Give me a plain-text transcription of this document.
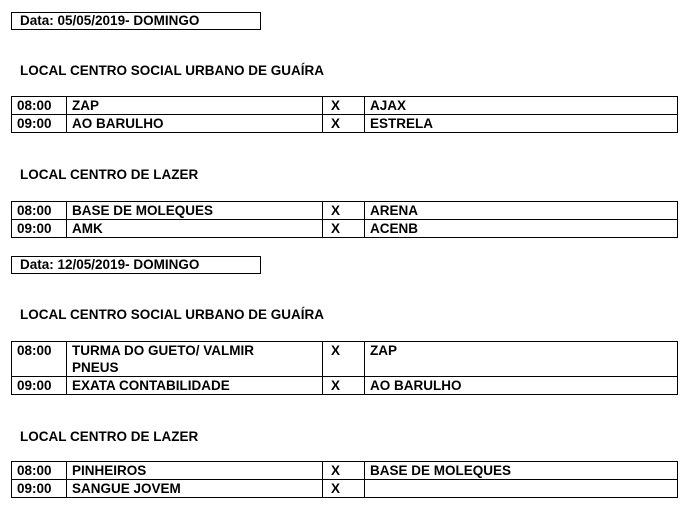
Data: 05/05/2019- DOMINGO
LOCAL CENTRO SOCIAL URBANO DE GUAÍRA
08:00	ZAP	X	AJAX
09:00	AO BARULHO	X	ESTRELA
LOCAL CENTRO DE LAZER
08:00	BASE DE MOLEQUES	X	ARENA
09:00	AMK	X	ACENB
Data: 12/05/2019- DOMINGO
LOCAL CENTRO SOCIAL URBANO DE GUAÍRA
08:00	TURMA DO GUETO/ VALMIR PNEUS	X	ZAP
09:00	EXATA CONTABILIDADE	X	AO BARULHO
LOCAL CENTRO DE LAZER
08:00	PINHEIROS	X	BASE DE MOLEQUES
09:00	SANGUE JOVEM	X	
